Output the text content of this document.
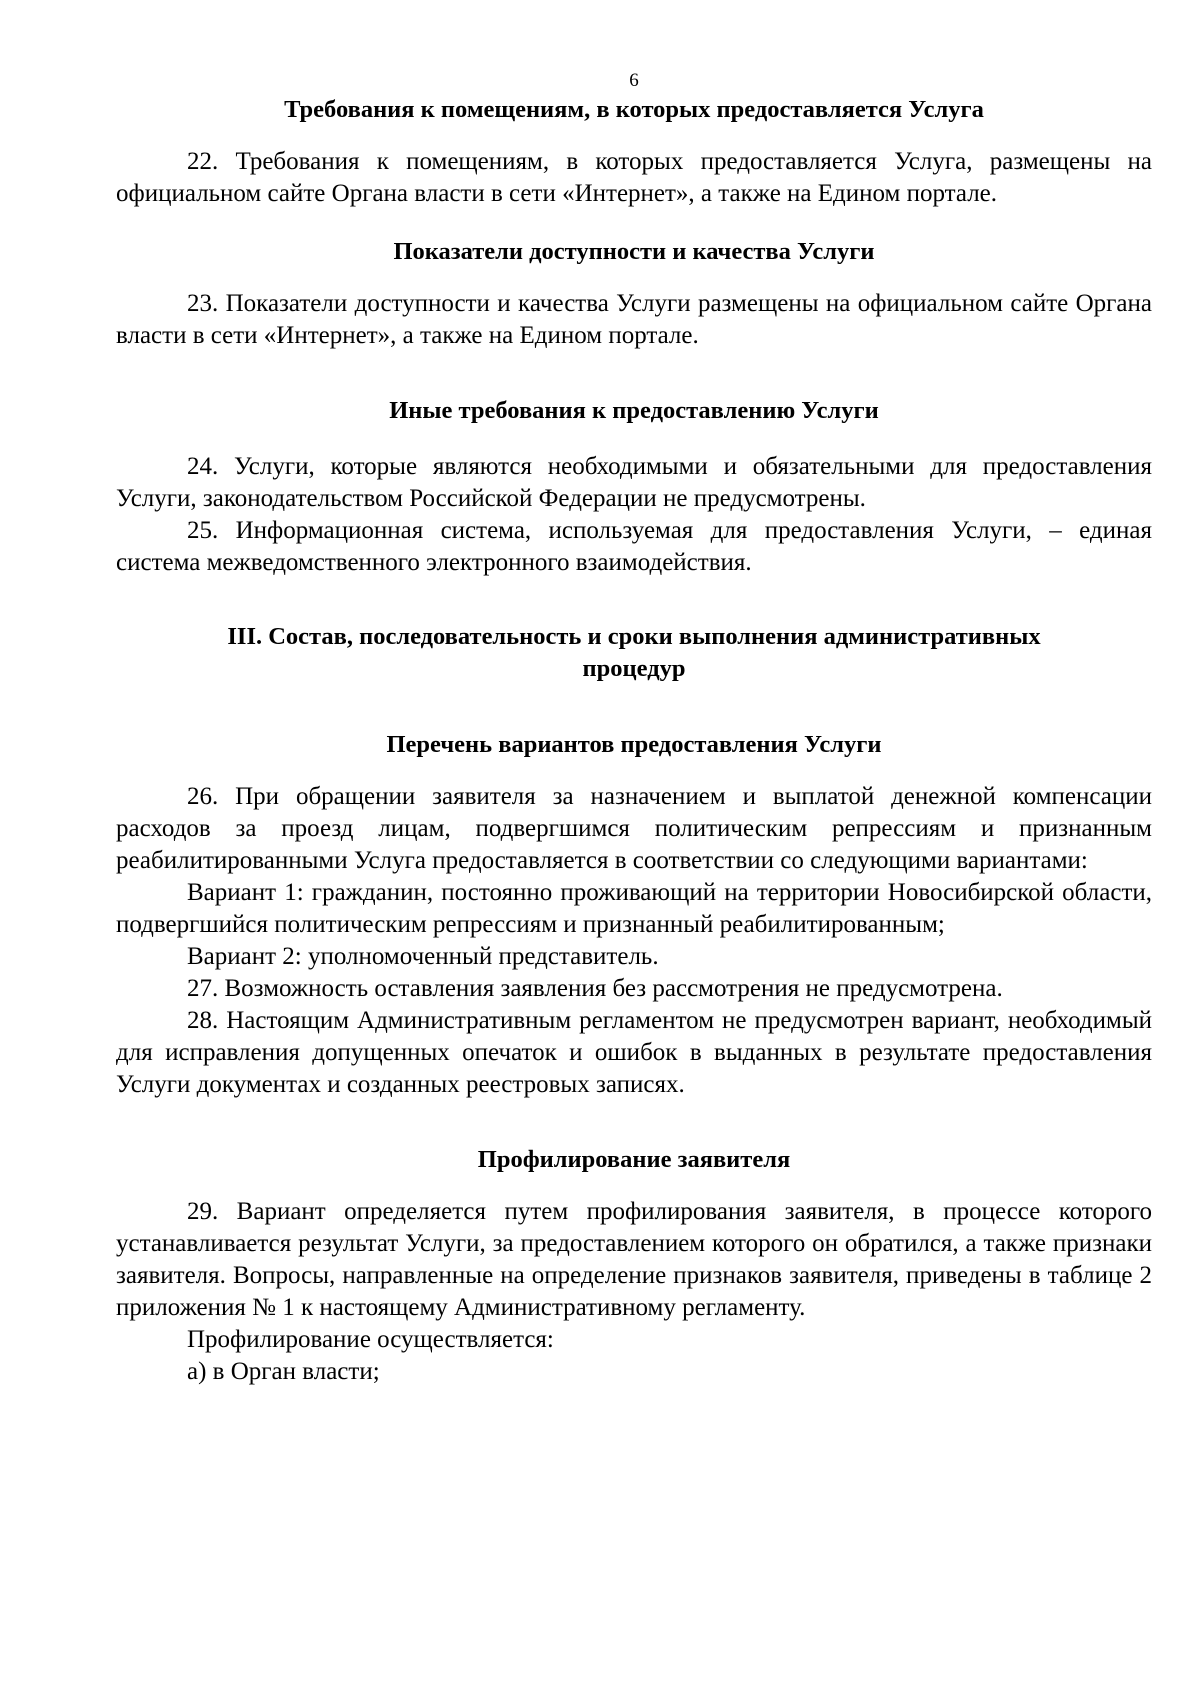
6

Требования к помещениям, в которых предоставляется Услуга

22. Требования к помещениям, в которых предоставляется Услуга, размещены на официальном сайте Органа власти в сети «Интернет», а также на Едином портале.

Показатели доступности и качества Услуги

23. Показатели доступности и качества Услуги размещены на официальном сайте Органа власти в сети «Интернет», а также на Едином портале.

Иные требования к предоставлению Услуги

24. Услуги, которые являются необходимыми и обязательными для предоставления Услуги, законодательством Российской Федерации не предусмотрены.

25. Информационная система, используемая для предоставления Услуги, – единая система межведомственного электронного взаимодействия.

III. Состав, последовательность и сроки выполнения административных
процедур
Перечень вариантов предоставления Услуги

26. При обращении заявителя за назначением и выплатой денежной компенсации расходов за проезд лицам, подвергшимся политическим репрессиям и признанным реабилитированными Услуга предоставляется в соответствии со следующими вариантами:

Вариант 1: гражданин, постоянно проживающий на территории Новосибирской области, подвергшийся политическим репрессиям и признанный реабилитированным;

Вариант 2: уполномоченный представитель.

27. Возможность оставления заявления без рассмотрения не предусмотрена.

28. Настоящим Административным регламентом не предусмотрен вариант, необходимый для исправления допущенных опечаток и ошибок в выданных в результате предоставления Услуги документах и созданных реестровых записях.

Профилирование заявителя

29. Вариант определяется путем профилирования заявителя, в процессе которого устанавливается результат Услуги, за предоставлением которого он обратился, а также признаки заявителя. Вопросы, направленные на определение признаков заявителя, приведены в таблице 2 приложения № 1 к настоящему Административному регламенту.

Профилирование осуществляется:

а) в Орган власти;
